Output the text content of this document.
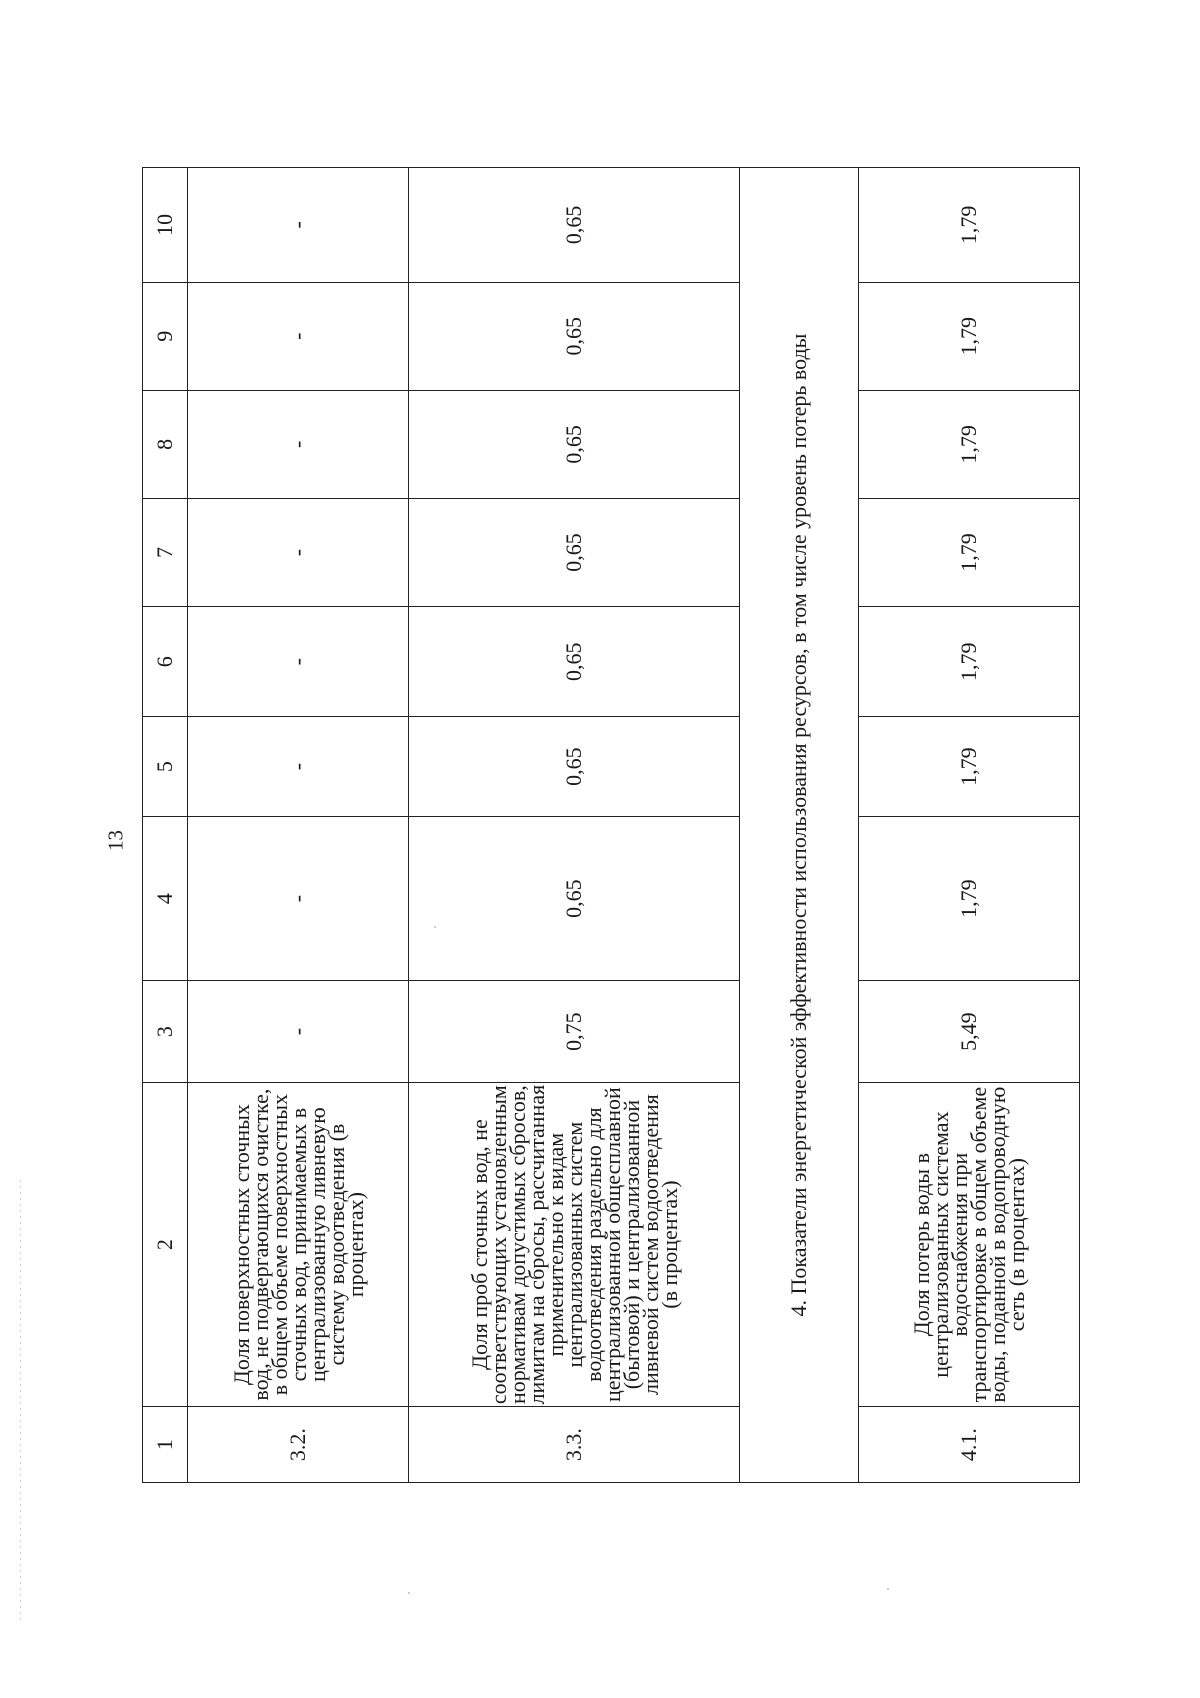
13
1	2	3	4	5	6	7	8	9	10
3.2.	Доля поверхностных сточных вод, не подвергающихся очистке, в общем объеме поверхностных сточных вод, принимаемых в централизованную ливневую систему водоотведения (в процентах)	-	-	-	-	-	-	-	-
3.3.	Доля проб сточных вод, не соответствующих установленным нормативам допустимых сбросов, лимитам на сбросы, рассчитанная применительно к видам централизованных систем водоотведения раздельно для централизованной общесплавной (бытовой) и централизованной ливневой систем водоотведения (в процентах)	0,75	0,65	0,65	0,65	0,65	0,65	0,65	0,65
4. Показатели энергетической эффективности использования ресурсов, в том числе уровень потерь воды									
4.1.	Доля потерь воды в централизованных системах водоснабжения при транспортировке в общем объеме воды, поданной в водопроводную сеть (в процентах)	5,49	1,79	1,79	1,79	1,79	1,79	1,79	1,79
